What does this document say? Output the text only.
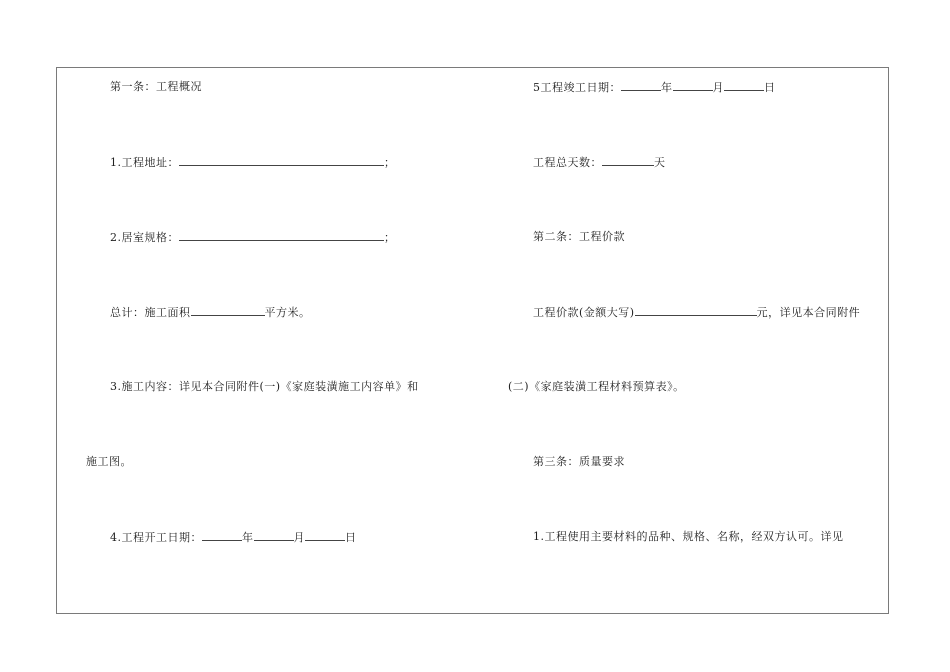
第一条：工程概况
1.工程地址：	；
2.居室规格：	；
总计：施工面积	平方米。
3.施工内容：详见本合同附件(一)《家庭装潢施工内容单》和
施工图。
4.工程开工日期：	年	月	日
5工程竣工日期：	年	月	日
工程总天数：	天
第二条：工程价款
工程价款(金额大写)	元，详见本合同附件
(二)《家庭装潢工程材料预算表》。
第三条：质量要求
1.工程使用主要材料的品种、规格、名称，经双方认可。详见
